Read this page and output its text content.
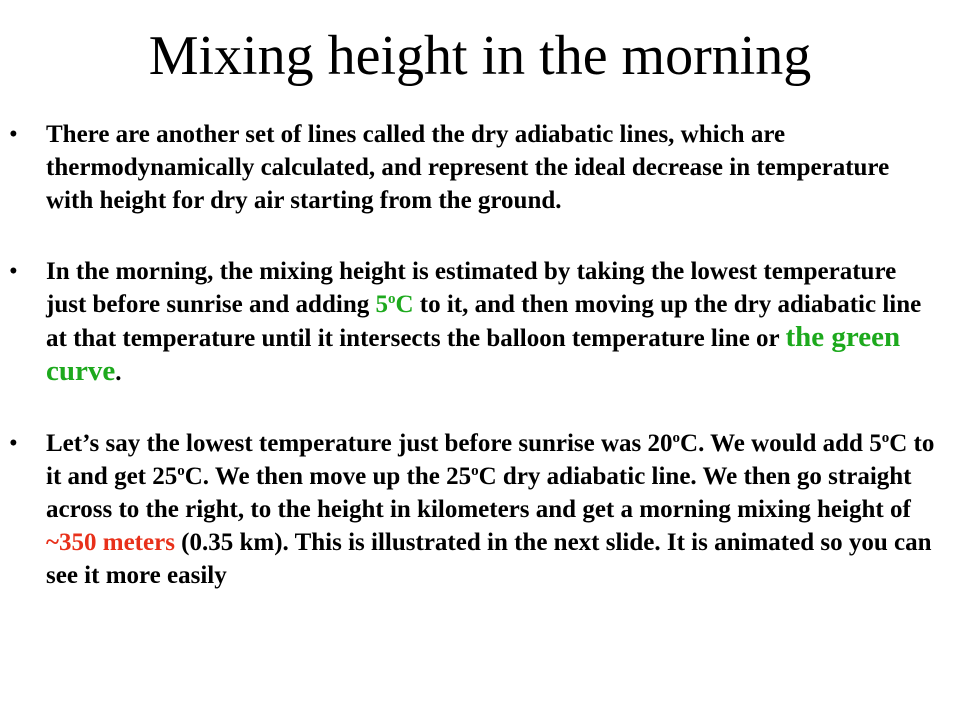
Mixing height in the morning
• There are another set of lines called the dry adiabatic lines, which are thermodynamically calculated, and represent the ideal decrease in temperature with height for dry air starting from the ground.
• In the morning, the mixing height is estimated by taking the lowest temperature just before sunrise and adding 5$^o$C to it, and then moving up the dry adiabatic line at that temperature until it intersects the balloon temperature line or the green curve.
• Let’s say the lowest temperature just before sunrise was 20$^o$C. We would add 5$^o$C to it and get 25$^o$C. We then move up the 25$^o$C dry adiabatic line. We then go straight across to the right, to the height in kilometers and get a morning mixing height of ~350 meters (0.35 km). This is illustrated in the next slide. It is animated so you can see it more easily
